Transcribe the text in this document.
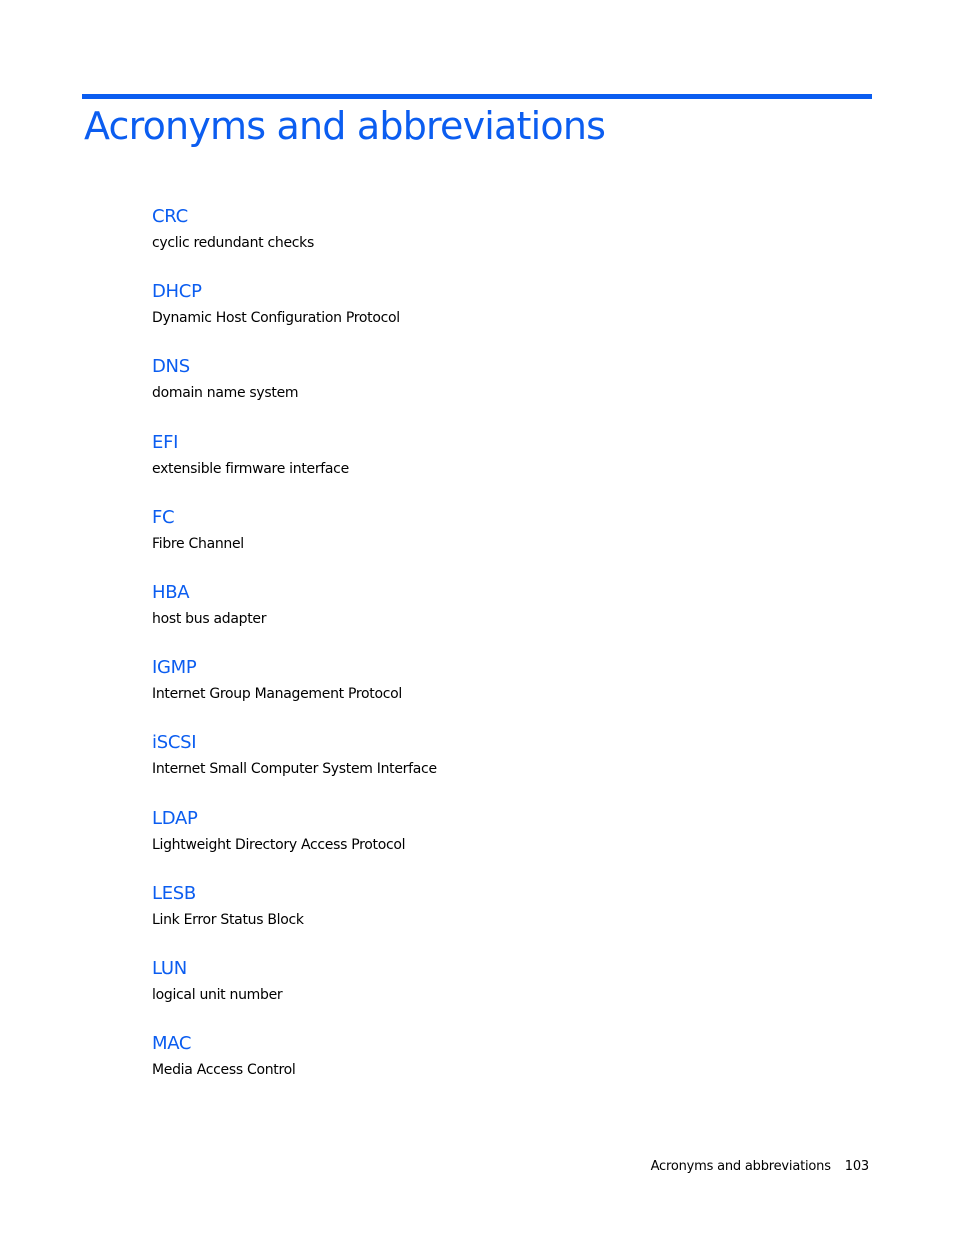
Acronyms and abbreviations
CRC
cyclic redundant checks
DHCP
Dynamic Host Configuration Protocol
DNS
domain name system
EFI
extensible firmware interface
FC
Fibre Channel
HBA
host bus adapter
IGMP
Internet Group Management Protocol
iSCSI
Internet Small Computer System Interface
LDAP
Lightweight Directory Access Protocol
LESB
Link Error Status Block
LUN
logical unit number
MAC
Media Access Control
Acronyms and abbreviations 103
